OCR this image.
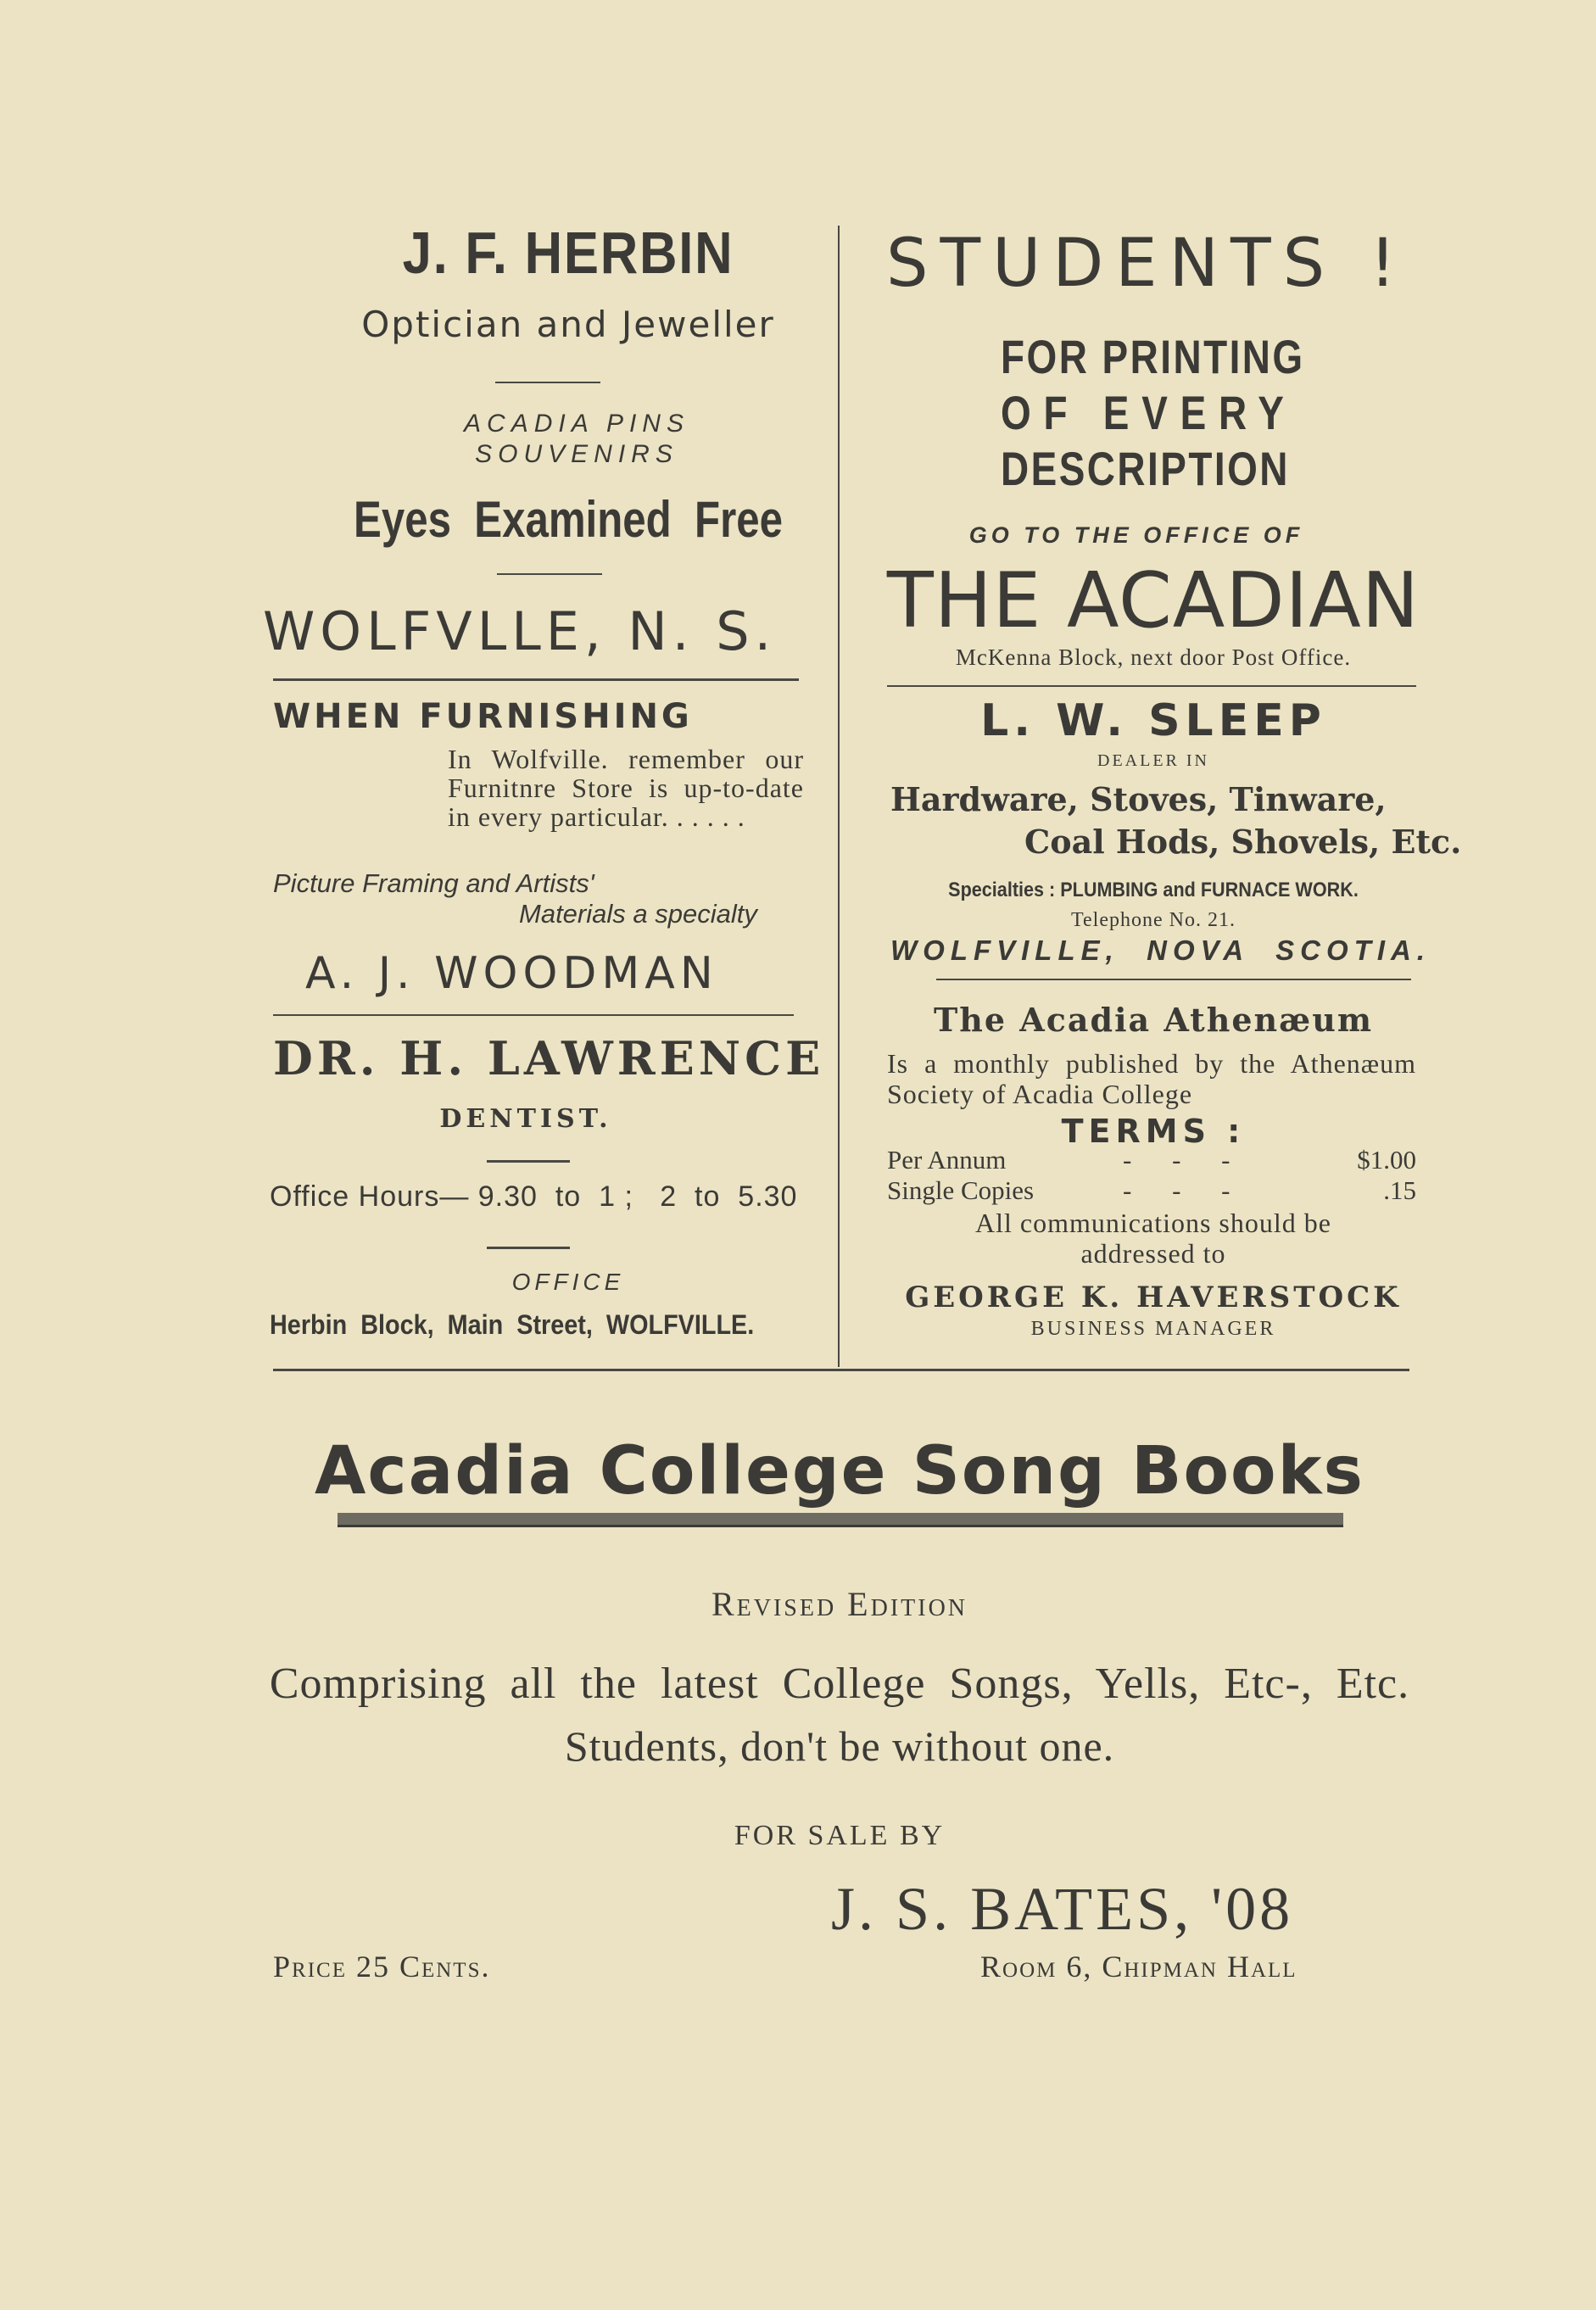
J. F. HERBIN
Optician and Jeweller
ACADIA PINS
SOUVENIRS
Eyes  Examined  Free
WOLFVLLE, N. S.
WHEN FURNISHING
In Wolfville. remember our Furnitnre Store is up-to-date in every particular. . . . . .
Picture Framing and Artists'
Materials a specialty
A. J. WOODMAN
DR. H. LAWRENCE
DENTIST.
Office Hours— 9.30  to  1 ;   2  to  5.30
OFFICE
Herbin  Block,  Main  Street,  WOLFVILLE.
STUDENTS !
FOR PRINTING
OF EVERY
DESCRIPTION
GO TO THE OFFICE OF
THE ACADIAN
McKenna Block, next door Post Office.
L. W. SLEEP
DEALER IN
Hardware, Stoves, Tinware,
Coal Hods, Shovels, Etc.
Specialties : PLUMBING and FURNACE WORK.
Telephone No. 21.
WOLFVILLE,  NOVA  SCOTIA.
The Acadia Athenæum
Is a monthly published by the Athenæum Society of Acadia College
TERMS :
Per Annum	- - -	$1.00
Single Copies	- - -	.15
All communications should be
addressed to
GEORGE K. HAVERSTOCK
BUSINESS MANAGER
Acadia College Song Books
Revised Edition
Comprising  all  the  latest  College  Songs,  Yells,  Etc-,  Etc.
Students, don't be without one.
FOR SALE BY
J. S. BATES, '08
Price 25 Cents.	Room 6, Chipman Hall
